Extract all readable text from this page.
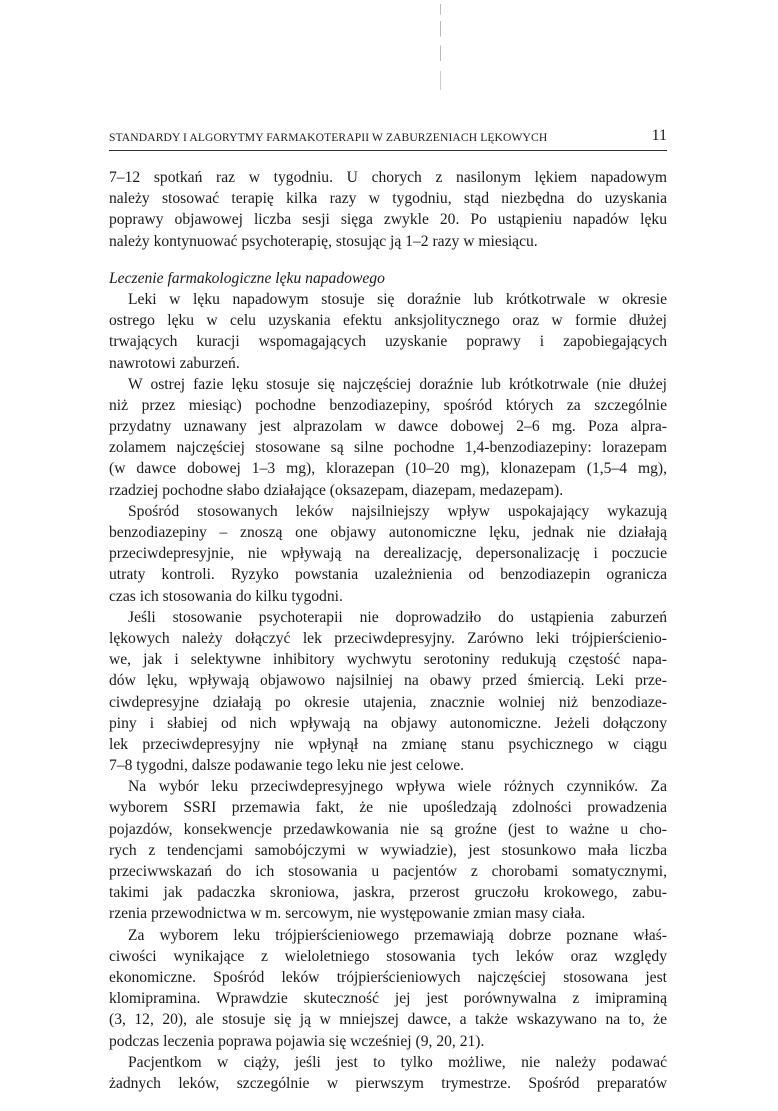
STANDARDY I ALGORYTMY FARMAKOTERAPII W ZABURZENIACH LĘKOWYCH	11
7–12 spotkań raz w tygodniu. U chorych z nasilonym lękiem napadowym
należy stosować terapię kilka razy w tygodniu, stąd niezbędna do uzyskania
poprawy objawowej liczba sesji sięga zwykle 20. Po ustąpieniu napadów lęku
należy kontynuować psychoterapię, stosując ją 1–2 razy w miesiącu.
Leczenie farmakologiczne lęku napadowego
Leki w lęku napadowym stosuje się doraźnie lub krótkotrwale w okresie
ostrego lęku w celu uzyskania efektu anksjolitycznego oraz w formie dłużej
trwających kuracji wspomagających uzyskanie poprawy i zapobiegających
nawrotowi zaburzeń.
W ostrej fazie lęku stosuje się najczęściej doraźnie lub krótkotrwale (nie dłużej
niż przez miesiąc) pochodne benzodiazepiny, spośród których za szczególnie
przydatny uznawany jest alprazolam w dawce dobowej 2–6 mg. Poza alpra-
zolamem najczęściej stosowane są silne pochodne 1,4-benzodiazepiny: lorazepam
(w dawce dobowej 1–3 mg), klorazepan (10–20 mg), klonazepam (1,5–4 mg),
rzadziej pochodne słabo działające (oksazepam, diazepam, medazepam).
Spośród stosowanych leków najsilniejszy wpływ uspokajający wykazują
benzodiazepiny – znoszą one objawy autonomiczne lęku, jednak nie działają
przeciwdepresyjnie, nie wpływają na derealizację, depersonalizację i poczucie
utraty kontroli. Ryzyko powstania uzależnienia od benzodiazepin ogranicza
czas ich stosowania do kilku tygodni.
Jeśli stosowanie psychoterapii nie doprowadziło do ustąpienia zaburzeń
lękowych należy dołączyć lek przeciwdepresyjny. Zarówno leki trójpierścienio-
we, jak i selektywne inhibitory wychwytu serotoniny redukują częstość napa-
dów lęku, wpływają objawowo najsilniej na obawy przed śmiercią. Leki prze-
ciwdepresyjne działają po okresie utajenia, znacznie wolniej niż benzodiaze-
piny i słabiej od nich wpływają na objawy autonomiczne. Jeżeli dołączony
lek przeciwdepresyjny nie wpłynął na zmianę stanu psychicznego w ciągu
7–8 tygodni, dalsze podawanie tego leku nie jest celowe.
Na wybór leku przeciwdepresyjnego wpływa wiele różnych czynników. Za
wyborem SSRI przemawia fakt, że nie upośledzają zdolności prowadzenia
pojazdów, konsekwencje przedawkowania nie są groźne (jest to ważne u cho-
rych z tendencjami samobójczymi w wywiadzie), jest stosunkowo mała liczba
przeciwwskazań do ich stosowania u pacjentów z chorobami somatycznymi,
takimi jak padaczka skroniowa, jaskra, przerost gruczołu krokowego, zabu-
rzenia przewodnictwa w m. sercowym, nie występowanie zmian masy ciała.
Za wyborem leku trójpierścieniowego przemawiają dobrze poznane właś-
ciwości wynikające z wieloletniego stosowania tych leków oraz względy
ekonomiczne. Spośród leków trójpierścieniowych najczęściej stosowana jest
klomipramina. Wprawdzie skuteczność jej jest porównywalna z imipraminą
(3, 12, 20), ale stosuje się ją w mniejszej dawce, a także wskazywano na to, że
podczas leczenia poprawa pojawia się wcześniej (9, 20, 21).
Pacjentkom w ciąży, jeśli jest to tylko możliwe, nie należy podawać
żadnych leków, szczególnie w pierwszym trymestrze. Spośród preparatów
